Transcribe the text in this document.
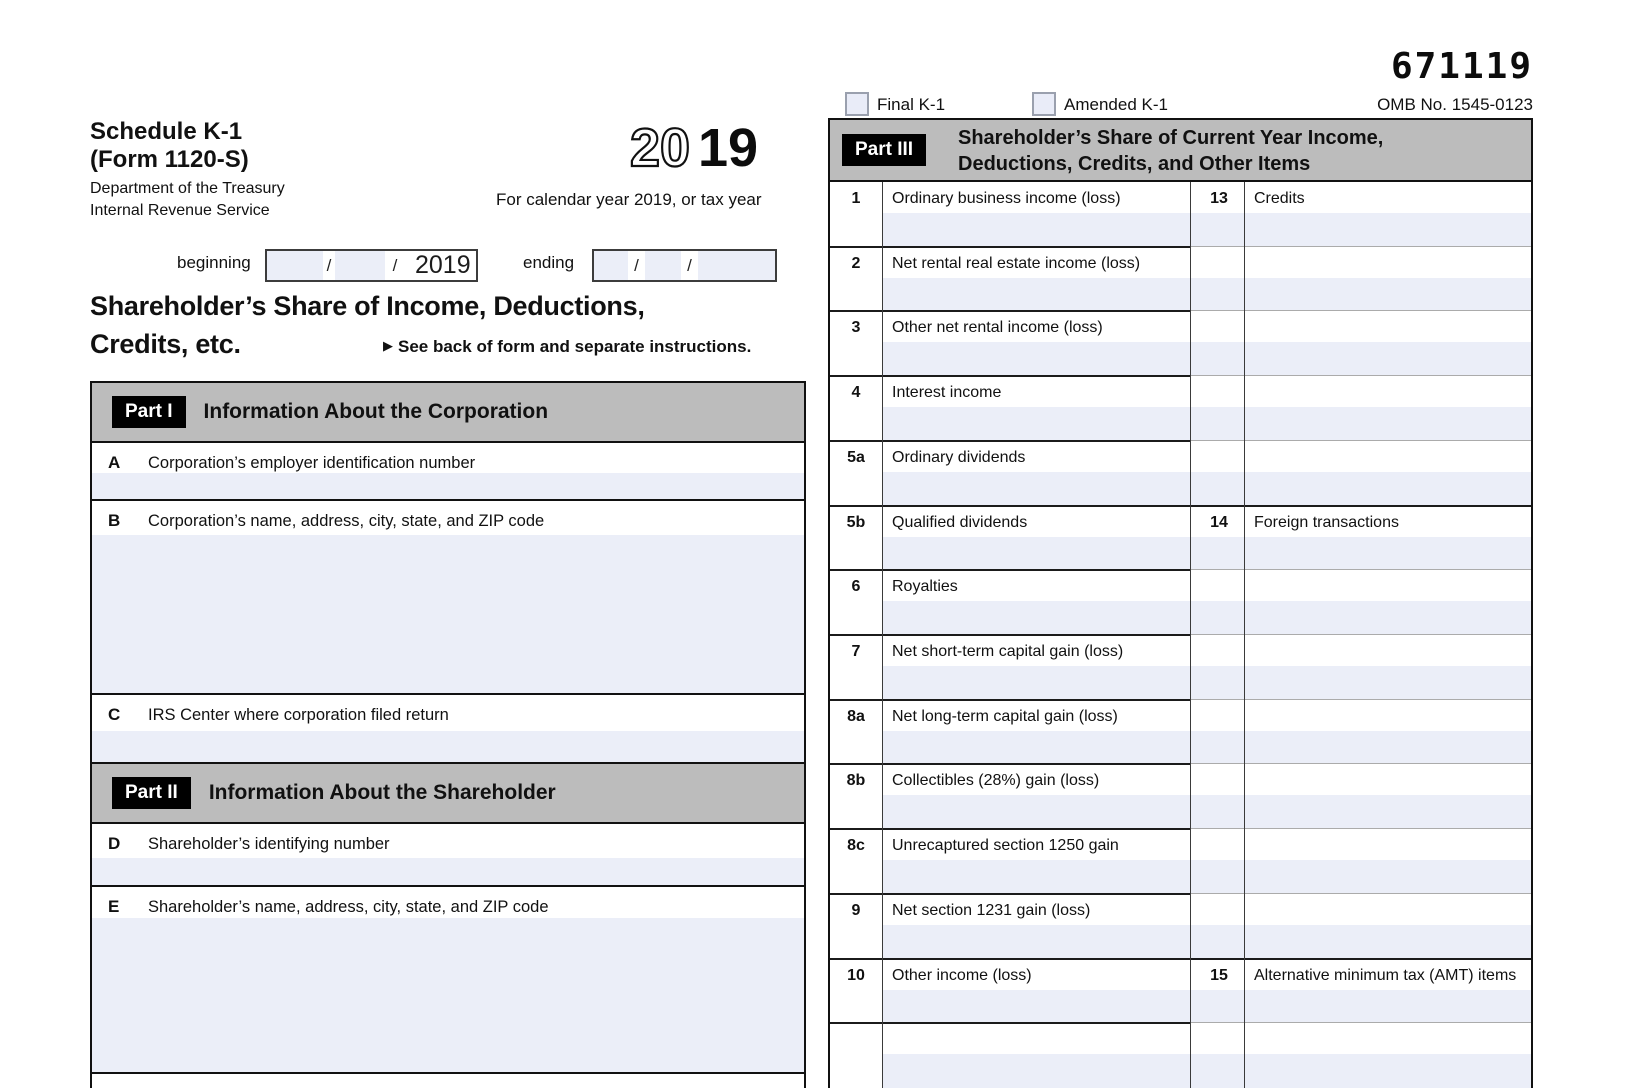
671119
Schedule K-1
(Form 1120-S)
Department of the Treasury
Internal Revenue Service
20 19
For calendar year 2019, or tax year
beginning	/	/ 2019	ending	/	/
Shareholder’s Share of Income, Deductions,
Credits, etc.	▶ See back of form and separate instructions.
Final K-1	Amended K-1	OMB No. 1545-0123
Part I	Information About the Corporation
A Corporation’s employer identification number
B Corporation’s name, address, city, state, and ZIP code
C IRS Center where corporation filed return
Part II	Information About the Shareholder
D Shareholder’s identifying number
E Shareholder’s name, address, city, state, and ZIP code
Part III
Shareholder’s Share of Current Year Income,
Deductions, Credits, and Other Items
1	Ordinary business income (loss)
2	Net rental real estate income (loss)
3	Other net rental income (loss)
4	Interest income
5a	Ordinary dividends
5b	Qualified dividends
6	Royalties
7	Net short-term capital gain (loss)
8a	Net long-term capital gain (loss)
8b	Collectibles (28%) gain (loss)
8c	Unrecaptured section 1250 gain
9	Net section 1231 gain (loss)
10	Other income (loss)
13	Credits
14	Foreign transactions
15	Alternative minimum tax (AMT) items
